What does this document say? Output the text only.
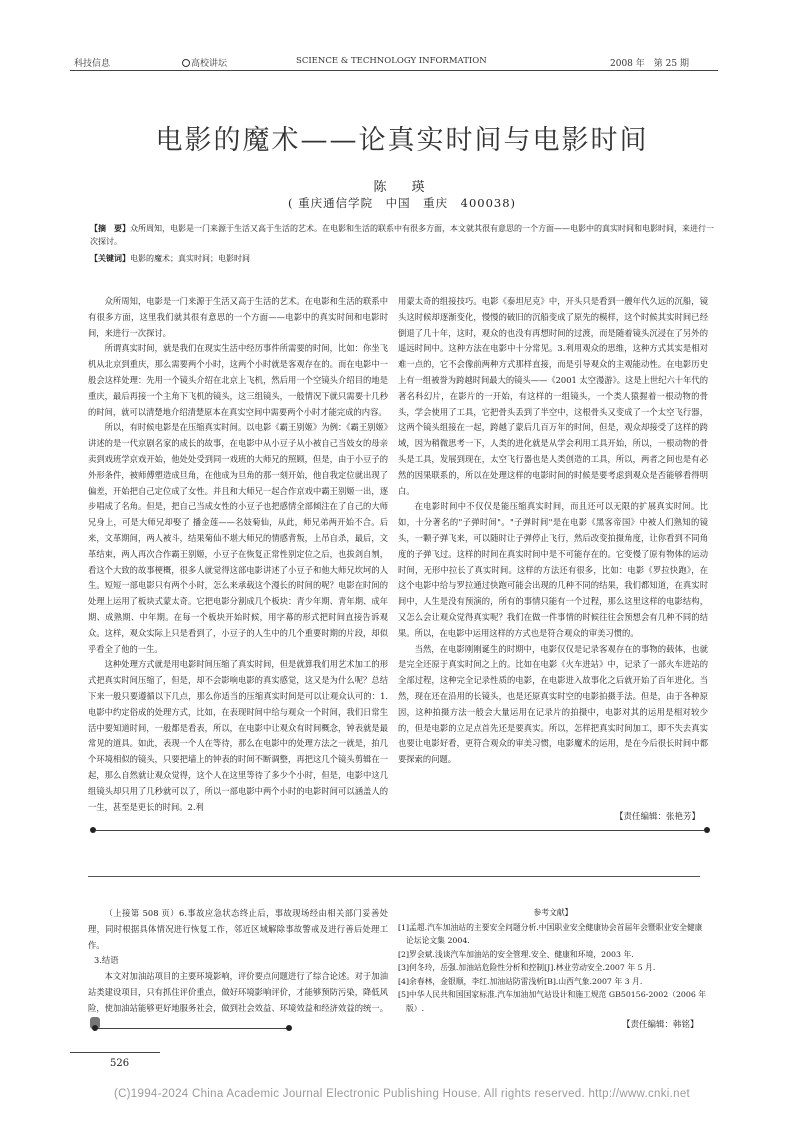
科技信息	高校讲坛	SCIENCE & TECHNOLOGY INFORMATION	2008 年　第 25 期
电影的魔术——论真实时间与电影时间
陈　瑛
( 重庆通信学院　中国　重庆　400038)
【摘　要】众所周知，电影是一门来源于生活又高于生活的艺术。在电影和生活的联系中有很多方面，本文就其很有意思的一个方面——电影中的真实时间和电影时间，来进行一次探讨。
【关键词】电影的魔术；真实时间；电影时间

众所周知，电影是一门来源于生活又高于生活的艺术。在电影和生活的联系中有很多方面，这里我们就其很有意思的一个方面——电影中的真实时间和电影时间，来进行一次探讨。

所谓真实时间，就是我们在现实生活中经历事件所需要的时间，比如：你坐飞机从北京到重庆，那么需要两个小时，这两个小时就是客观存在的。而在电影中一般会这样处理：先用一个镜头介绍在北京上飞机，然后用一个空镜头介绍目的地是重庆，最后再接一个主角下飞机的镜头，这三组镜头，一般情况下就只需要十几秒的时间，就可以清楚地介绍清楚原本在真实空间中需要两个小时才能完成的内容。

所以，有时候电影是在压缩真实时间。以电影《霸王别姬》为例：《霸王别姬》讲述的是一代京剧名家的成长的故事，在电影中从小豆子从小被自己当妓女的母亲卖到戏班学京戏开始，他处处受到同一戏班的大师兄的照顾，但是，由于小豆子的外形条件，被师傅塑造成旦角，在他成为旦角的那一刻开始，他自我定位就出现了偏差，开始把自己定位成了女性。并且和大师兄一起合作京戏中霸王别姬一出，逐步唱成了名角。但是，把自己当成女性的小豆子也把感情全部倾注在了自己的大师兄身上，可是大师兄却娶了 播金莲——名妓菊仙，从此，师兄弟两开始不合。后来，文革期间，两人被斗，结果菊仙不堪大师兄的情感背叛，上吊自杀，最后，文革结束，两人再次合作霸王别姬，小豆子在恢复正常性别定位之后，也拔剑自刎，看这个大致的故事梗概，很多人就觉得这部电影讲述了小豆子和他大师兄坎坷的人生。短短一部电影只有两个小时，怎么来承载这个漫长的时间的呢？电影在时间的处理上运用了板块式蒙太奇。它把电影分割成几个板块：青少年期、青年期、成年期、成熟期、中年期。在每一个板块开始时候，用字幕的形式把时间直接告诉观众。这样，观众实际上只是看到了，小豆子的人生中的几个重要时期的片段，却似乎看全了他的一生。

这种处理方式就是用电影时间压缩了真实时间，但是就算我们用艺术加工的形式把真实时间压缩了，但是，却不会影响电影的真实感觉，这又是为什么呢？总结下来一般只要遵循以下几点，那么你适当的压缩真实时间是可以让观众认可的：1. 电影中约定俗成的处理方式，比如，在表现时间中给与观众一个时间，我们日常生活中要知道时间，一般都是看表，所以，在电影中让观众有时间概念，钟表就是最常见的道具。如此，表现一个人在等待，那么在电影中的处理方法之一就是，拍几个环境相似的镜头，只要把墙上的钟表的时间不断调整，再把这几个镜头剪辑在一起，那么自然就让观众觉得，这个人在这里等待了多少个小时，但是，电影中这几组镜头却只用了几秒就可以了，所以一部电影中两个小时的电影时间可以涵盖人的一生，甚至是更长的时间。2.利

用蒙太奇的组接技巧。电影《泰坦尼克》中，开头只是看到一艘年代久远的沉船，镜头这时候却逐渐变化，慢慢的破旧的沉船变成了原先的模样，这个时候其实时间已经倒退了几十年，这时，观众的也没有再想时间的过渡，而是随着镜头沉浸在了另外的遥远时间中。这种方法在电影中十分常见。3.利用观众的思维，这种方式其实是相对难一点的，它不会像前两种方式那样直接，而是引导观众的主观能动性。在电影历史上有一组被誉为跨越时间最大的镜头——《2001 太空漫游》。这是上世纪六十年代的著名科幻片，在影片的一开始，有这样的一组镜头，一个类人猿握着一根动物的骨头，学会使用了工具，它把骨头丢到了半空中，这根骨头又变成了一个太空飞行器，这两个镜头组接在一起，跨越了蒙后几百万年的时间，但是，观众却接受了这样的跨域，因为稍微思考一下，人类的进化就是从学会利用工具开始，所以，一根动物的骨头是工具，发展到现在，太空飞行器也是人类创造的工具，所以，两者之间也是有必然的因果联系的，所以在处理这样的电影时间的时候是要考虑到观众是否能够看得明白。

在电影时间中不仅仅是能压缩真实时间，而且还可以无限的扩展真实时间。比如，十分著名的"子弹时间"。"子弹时间"是在电影《黑客帝国》中被人们熟知的镜头，一颗子弹飞来，可以随时让子弹停止飞行，然后改变拍摄角度，让你看到不同角度的子弹飞过。这样的时间在真实时间中是不可能存在的。它变慢了原有物体的运动时间，无形中拉长了真实时间。这样的方法还有很多，比如：电影《罗拉快跑》，在这个电影中给与罗拉通过快跑可能会出现的几种不同的结果，我们都知道，在真实时间中，人生是没有预演的，所有的事情只能有一个过程，那么这里这样的电影结构，又怎么会让观众觉得真实呢？我们在做一件事情的时候往往会预想会有几种不同的结果。所以，在电影中运用这样的方式也是符合观众的审美习惯的。

当然，在电影刚刚诞生的时期中，电影仅仅是记录客观存在的事物的载体，也就是完全还原于真实时间之上的。比如在电影《火车进站》中，记录了一部火车进站的全部过程，这种完全记录性质的电影，在电影进入故事化之后就开始了百年进化。当然，现在还在沿用的长镜头，也是还原真实时空的电影拍摄手法。但是，由于各种原因，这种拍摄方法一般会大量运用在记录片的拍摄中，电影对其的运用是相对较少的，但是电影的立足点首先还是要真实。所以，怎样把真实时间加工，即不失去真实也要让电影好看，更符合观众的审美习惯，电影魔术的运用，是在今后很长时间中都要探索的问题。

【责任编辑：张艳芳】

（上接第 508 页）6.事故应急状态终止后，事故现场经由相关部门妥善处理，同时根据具体情况进行恢复工作，邻近区域解除事故警戒及进行善后处理工作。

3.结语

本文对加油站项目的主要环境影响，评价要点问题进行了综合论述。对于加油站类建设项目，只有抓住评价重点，做好环境影响评价，才能够预防污染，降低风险，使加油站能够更好地服务社会，做到社会效益、环境效益和经济效益的统一。

参考文献】
[1]孟超.汽车加油站的主要安全问题分析.中国职业安全健康协会首届年会暨职业安全健康论坛论文集 2004.
[2]罗会斌.浅谈汽车加油站的安全管理.安全、健康和环境，2003 年.
[3]何冬玲，岳强.加油站危险性分析和控制[J].林业劳动安全.2007 年 5 月.
[4]余春林，金银顺，李红.加油站防雷浅析[B].山西气象.2007 年 3 月.
[5]中华人民共和国国家标准.汽车加油加气站设计和施工规范 GB50156-2002（2006 年版）.
【责任编辑：韩铭】
526
(C)1994-2024 China Academic Journal Electronic Publishing House. All rights reserved. http://www.cnki.net
